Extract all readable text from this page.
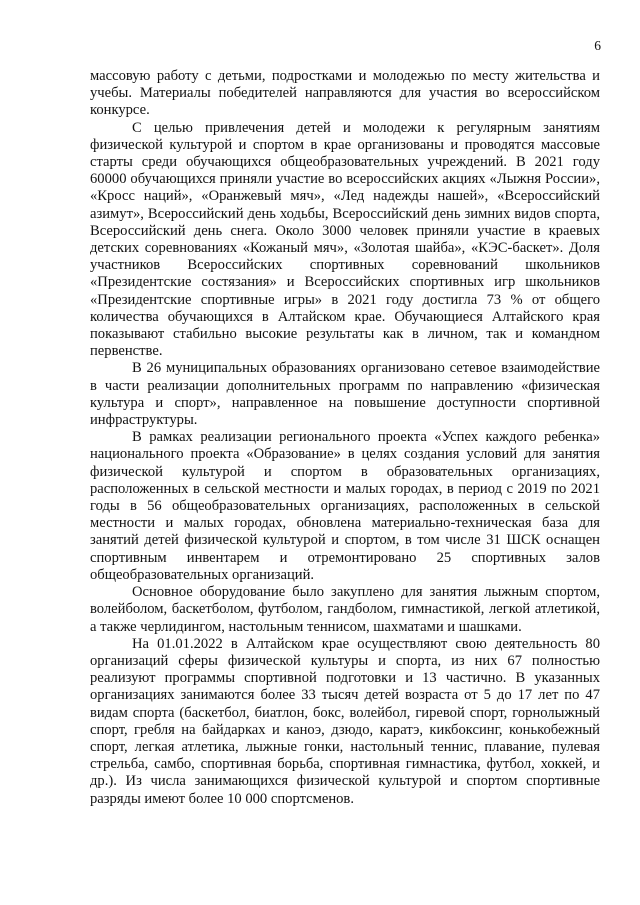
6

массовую работу с детьми, подростками и молодежью по месту жительства и учебы. Материалы победителей направляются для участия во всероссийском конкурсе.

С целью привлечения детей и молодежи к регулярным занятиям физической культурой и спортом в крае организованы и проводятся массовые старты среди обучающихся общеобразовательных учреждений. В 2021 году 60000 обучающихся приняли участие во всероссийских акциях «Лыжня России», «Кросс наций», «Оранжевый мяч», «Лед надежды нашей», «Всероссийский азимут», Всероссийский день ходьбы, Всероссийский день зимних видов спорта, Всероссийский день снега. Около 3000 человек приняли участие в краевых детских соревнованиях «Кожаный мяч», «Золотая шайба», «КЭС-баскет». Доля участников Всероссийских спортивных соревнований школьников «Президентские состязания» и Всероссийских спортивных игр школьников «Президентские спортивные игры» в 2021 году достигла 73 % от общего количества обучающихся в Алтайском крае. Обучающиеся Алтайского края показывают стабильно высокие результаты как в личном, так и командном первенстве.

В 26 муниципальных образованиях организовано сетевое взаимодействие в части реализации дополнительных программ по направлению «физическая культура и спорт», направленное на повышение доступности спортивной инфраструктуры.

В рамках реализации регионального проекта «Успех каждого ребенка» национального проекта «Образование» в целях создания условий для занятия физической культурой и спортом в образовательных организациях, расположенных в сельской местности и малых городах, в период с 2019 по 2021 годы в 56 общеобразовательных организациях, расположенных в сельской местности и малых городах, обновлена материально-техническая база для занятий детей физической культурой и спортом, в том числе 31 ШСК оснащен спортивным инвентарем и отремонтировано 25 спортивных залов общеобразовательных организаций.

Основное оборудование было закуплено для занятия лыжным спортом, волейболом, баскетболом, футболом, гандболом, гимнастикой, легкой атлетикой, а также черлидингом, настольным теннисом, шахматами и шашками.

На 01.01.2022 в Алтайском крае осуществляют свою деятельность 80 организаций сферы физической культуры и спорта, из них 67 полностью реализуют программы спортивной подготовки и 13 частично. В указанных организациях занимаются более 33 тысяч детей возраста от 5 до 17 лет по 47 видам спорта (баскетбол, биатлон, бокс, волейбол, гиревой спорт, горнолыжный спорт, гребля на байдарках и каноэ, дзюдо, каратэ, кикбоксинг, конькобежный спорт, легкая атлетика, лыжные гонки, настольный теннис, плавание, пулевая стрельба, самбо, спортивная борьба, спортивная гимнастика, футбол, хоккей, и др.). Из числа занимающихся физической культурой и спортом спортивные разряды имеют более 10 000 спортсменов.
